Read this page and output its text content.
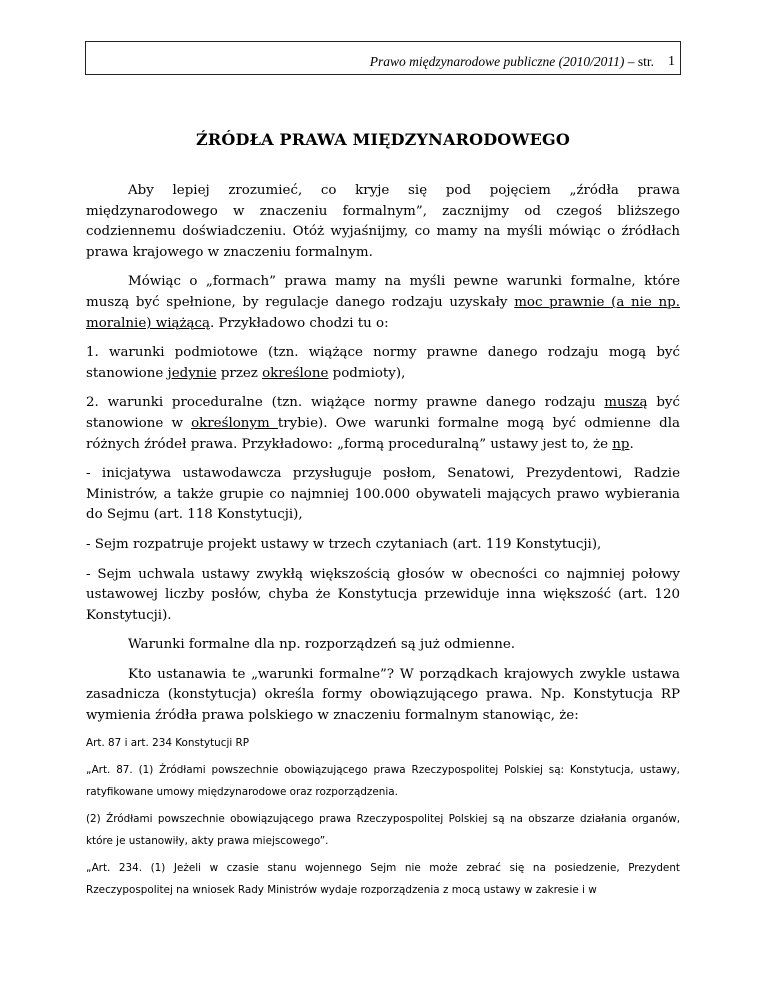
Prawo międzynarodowe publiczne (2010/2011) – str. 1
ŹRÓDŁA PRAWA MIĘDZYNARODOWEGO

Aby lepiej zrozumieć, co kryje się pod pojęciem „źródła prawa międzynarodowego w znaczeniu formalnym”, zacznijmy od czegoś bliższego codziennemu doświadczeniu. Otóż wyjaśnijmy, co mamy na myśli mówiąc o źródłach prawa krajowego w znaczeniu formalnym.

Mówiąc o „formach” prawa mamy na myśli pewne warunki formalne, które muszą być spełnione, by regulacje danego rodzaju uzyskały moc prawnie (a nie np. moralnie) wiążącą. Przykładowo chodzi tu o:

1. warunki podmiotowe (tzn. wiążące normy prawne danego rodzaju mogą być stanowione jedynie przez określone podmioty),

2. warunki proceduralne (tzn. wiążące normy prawne danego rodzaju muszą być stanowione w określonym trybie). Owe warunki formalne mogą być odmienne dla różnych źródeł prawa. Przykładowo: „formą proceduralną” ustawy jest to, że np.

- inicjatywa ustawodawcza przysługuje posłom, Senatowi, Prezydentowi, Radzie Ministrów, a także grupie co najmniej 100.000 obywateli mających prawo wybierania do Sejmu (art. 118 Konstytucji),

- Sejm rozpatruje projekt ustawy w trzech czytaniach (art. 119 Konstytucji),

- Sejm uchwala ustawy zwykłą większością głosów w obecności co najmniej połowy ustawowej liczby posłów, chyba że Konstytucja przewiduje inna większość (art. 120 Konstytucji).

Warunki formalne dla np. rozporządzeń są już odmienne.

Kto ustanawia te „warunki formalne”? W porządkach krajowych zwykle ustawa zasadnicza (konstytucja) określa formy obowiązującego prawa. Np. Konstytucja RP wymienia źródła prawa polskiego w znaczeniu formalnym stanowiąc, że:

Art. 87 i art. 234 Konstytucji RP

„Art. 87. (1) Źródłami powszechnie obowiązującego prawa Rzeczypospolitej Polskiej są: Konstytucja, ustawy, ratyfikowane umowy międzynarodowe oraz rozporządzenia.

(2) Źródłami powszechnie obowiązującego prawa Rzeczypospolitej Polskiej są na obszarze działania organów, które je ustanowiły, akty prawa miejscowego”.

„Art. 234. (1) Jeżeli w czasie stanu wojennego Sejm nie może zebrać się na posiedzenie, Prezydent Rzeczypospolitej na wniosek Rady Ministrów wydaje rozporządzenia z mocą ustawy w zakresie i w
